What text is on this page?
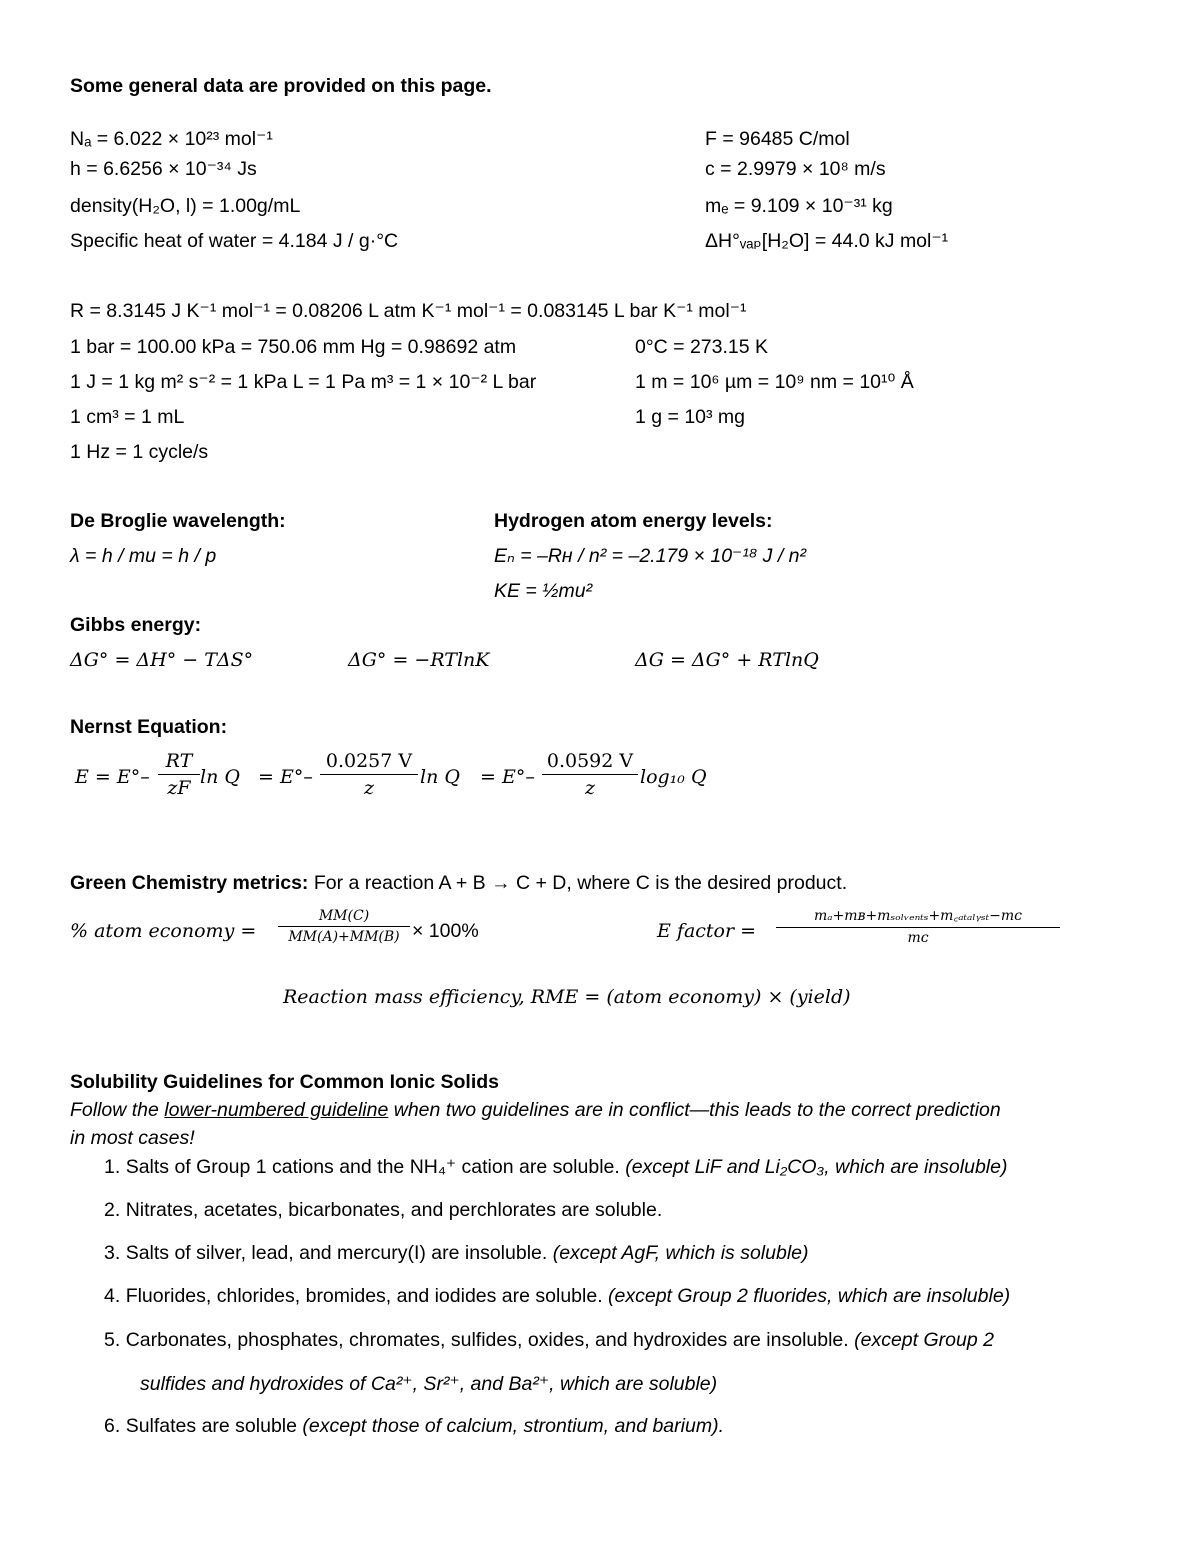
Some general data are provided on this page.
Nₐ = 6.022 × 10²³ mol⁻¹
h = 6.6256 × 10⁻³⁴ Js
density(H₂O, l) = 1.00g/mL
Specific heat of water = 4.184 J / g·°C
F = 96485 C/mol
c = 2.9979 × 10⁸ m/s
mₑ = 9.109 × 10⁻³¹ kg
ΔH°ᵥₐₚ[H₂O] = 44.0 kJ mol⁻¹
R = 8.3145 J K⁻¹ mol⁻¹ = 0.08206 L atm K⁻¹ mol⁻¹ = 0.083145 L bar K⁻¹ mol⁻¹
1 bar = 100.00 kPa = 750.06 mm Hg = 0.98692 atm
1 J = 1 kg m² s⁻² = 1 kPa L = 1 Pa m³ = 1 × 10⁻² L bar
1 cm³ = 1 mL
1 Hz = 1 cycle/s
0°C = 273.15 K
1 m = 10⁶ µm = 10⁹ nm = 10¹⁰ Å
1 g = 10³ mg
De Broglie wavelength:
λ = h / mu = h / p
Hydrogen atom energy levels:
Eₙ = –Rʜ / n² = –2.179 × 10⁻¹⁸ J / n²
KE = ½mu²
Gibbs energy:
ΔG° = ΔH° − TΔS°	ΔG° = −RTlnK	ΔG = ΔG° + RTlnQ
Nernst Equation:
$E = E^\circ- \frac{RT}{zF}$ $\ln Q = E^\circ- \frac{0.0257 V}{z}$ $\ln Q = E^\circ- \frac{0.0592 V}{z} \log_{10}$ Q
Green Chemistry metrics: For a reaction A + B → C + D, where C is the desired product.
% atom economy = $\frac{MM(C)}{MM(A)+MM(B)} \times 100\%$	E factor =
mₐ+mʙ+mₛₒₗᵥₑₙₜₛ+m꜀ₐₜₐₗᵧₛₜ−mᴄ
mᴄ
Reaction mass efficiency, RME = (atom economy) × (yield)
Solubility Guidelines for Common Ionic Solids
Follow the lower-numbered guideline when two guidelines are in conflict—this leads to the correct prediction
in most cases!
1. Salts of Group 1 cations and the NH₄⁺ cation are soluble. (except LiF and Li₂CO₃, which are insoluble)
2. Nitrates, acetates, bicarbonates, and perchlorates are soluble.
3. Salts of silver, lead, and mercury(I) are insoluble. (except AgF, which is soluble)
4. Fluorides, chlorides, bromides, and iodides are soluble. (except Group 2 fluorides, which are insoluble)
5. Carbonates, phosphates, chromates, sulfides, oxides, and hydroxides are insoluble. (except Group 2
sulfides and hydroxides of Ca²⁺, Sr²⁺, and Ba²⁺, which are soluble)
6. Sulfates are soluble (except those of calcium, strontium, and barium).
